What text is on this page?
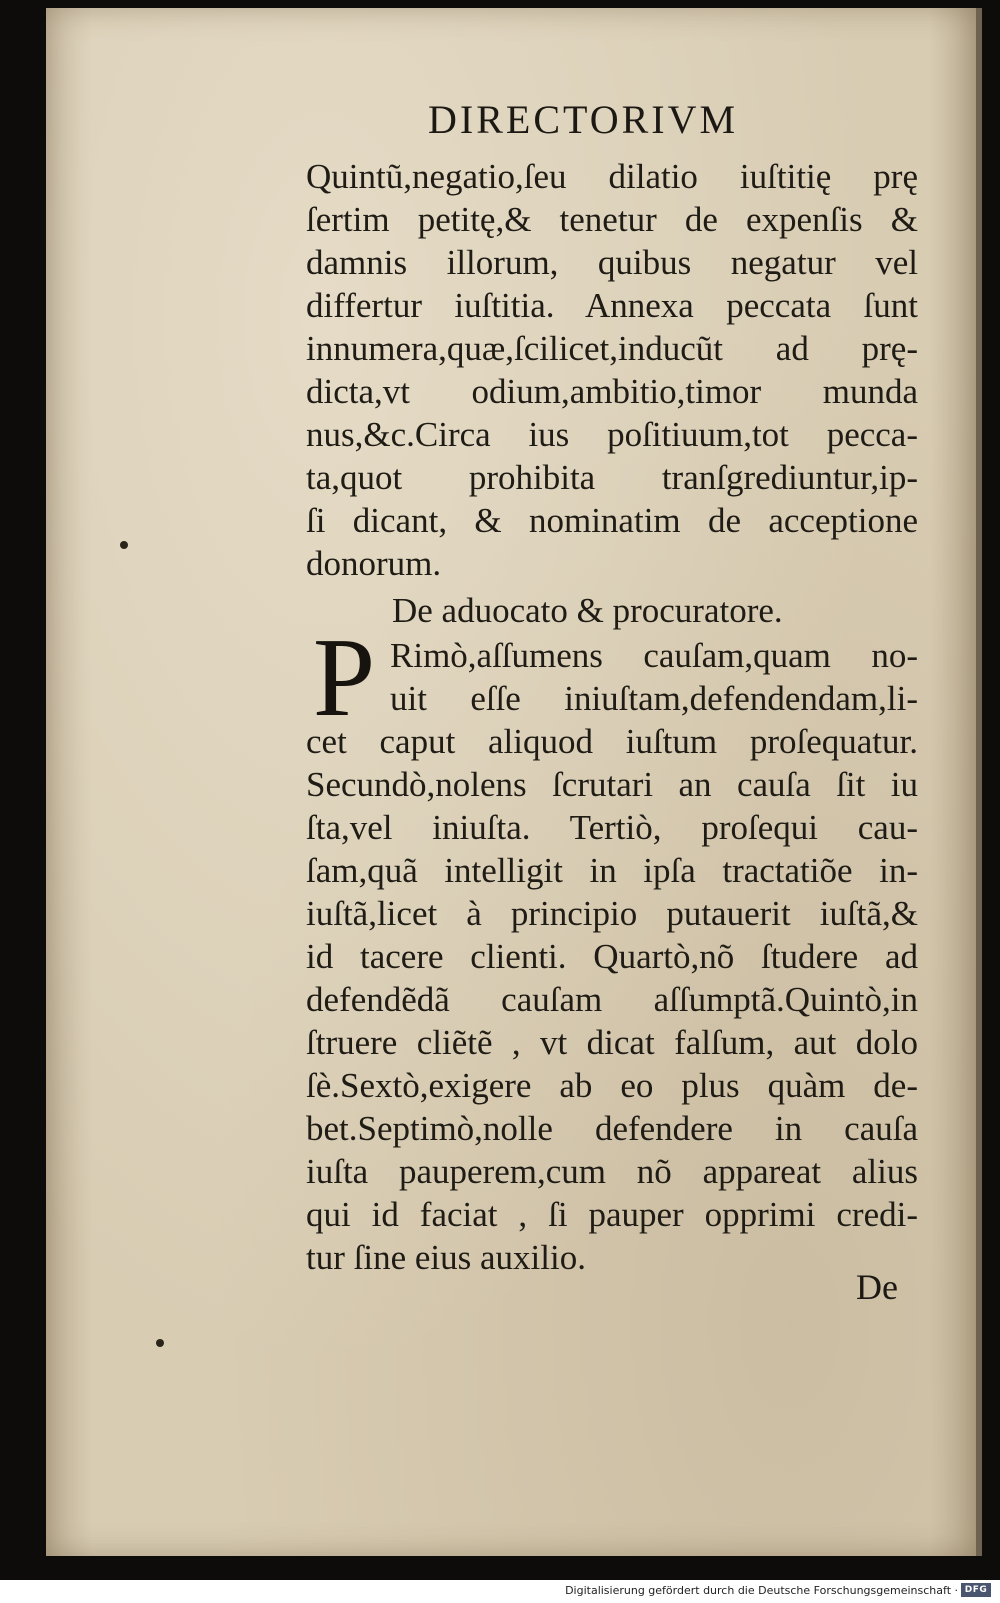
DIRECTORIVM
Quintũ,negatio,ſeu dilatio iuſtitię prę
ſertim petitę,& tenetur de expenſis &
damnis illorum, quibus negatur vel
differtur iuſtitia. Annexa peccata ſunt
innumera,quæ,ſcilicet,inducũt ad prę-
dicta,vt odium,ambitio,timor munda
nus,&c.Circa ius poſitiuum,tot pecca-
ta,quot prohibita tranſgrediuntur,ip-
ſi dicant, & nominatim de acceptione
donorum.
De aduocato & procuratore.
P Rimò,aſſumens cauſam,quam no-
uit eſſe iniuſtam,defendendam,li-
cet caput aliquod iuſtum proſequatur.
Secundò,nolens ſcrutari an cauſa ſit iu
ſta,vel iniuſta. Tertiò, proſequi cau-
ſam,quã intelligit in ipſa tractatiõe in-
iuſtã,licet à principio putauerit iuſtã,&
id tacere clienti. Quartò,nõ ſtudere ad
defendẽdã cauſam aſſumptã.Quintò,in
ſtruere cliẽtẽ , vt dicat falſum, aut dolo
ſè.Sextò,exigere ab eo plus quàm de-
bet.Septimò,nolle defendere in cauſa
iuſta pauperem,cum nõ appareat alius
qui id faciat , ſi pauper opprimi credi-
tur ſine eius auxilio.
De
Digitalisierung gefördert durch die Deutsche Forschungsgemeinschaft · DFG
